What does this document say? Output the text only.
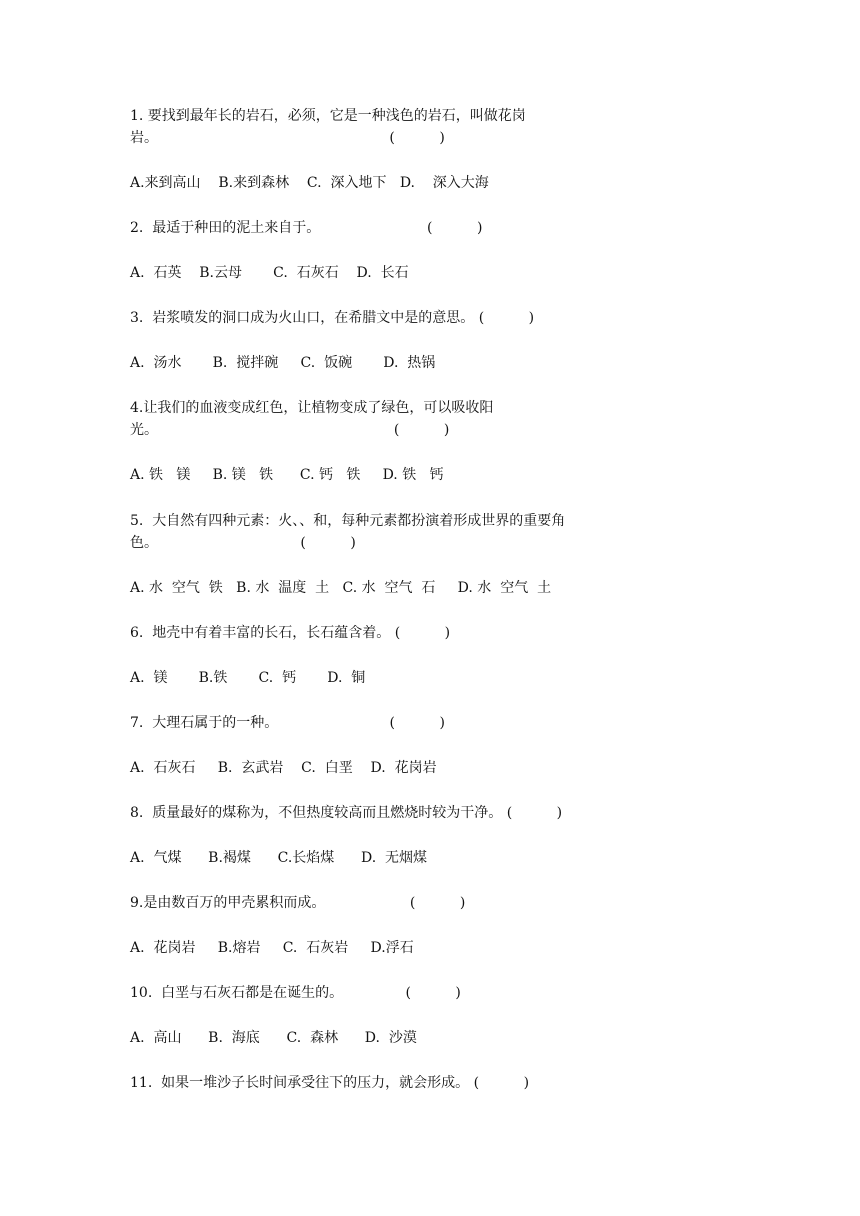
1. 要找到最年长的岩石，必须，它是一种浅色的岩石，叫做花岗
岩。                                                    (          )
A.来到高山    B.来到森林    C.  深入地下   D.    深入大海
2.  最适于种田的泥土来自于。                        (          )
A.  石英    B.云母       C.  石灰石    D.  长石
3.  岩浆喷发的洞口成为火山口，在希腊文中是的意思。 (          )
A.  汤水       B.  搅拌碗     C.  饭碗       D.  热锅
4.让我们的血液变成红色，让植物变成了绿色，可以吸收阳
光。                                                     (          )
A. 铁   镁     B. 镁   铁      C. 钙   铁     D. 铁   钙
5.  大自然有四种元素：火、、和，每种元素都扮演着形成世界的重要角
色。                                (          )
A. 水  空气  铁   B. 水  温度  土   C. 水  空气  石     D. 水  空气  土
6.  地壳中有着丰富的长石，长石蕴含着。 (          )
A.  镁       B.铁       C.  钙       D.  铜
7.  大理石属于的一种。                         (          )
A.  石灰石     B.  玄武岩    C.  白垩    D.  花岗岩
8.  质量最好的煤称为，不但热度较高而且燃烧时较为干净。 (          )
A.  气煤      B.褐煤      C.长焰煤      D.  无烟煤
9.是由数百万的甲壳累积而成。                   (          )
A.  花岗岩     B.熔岩     C.  石灰岩     D.浮石
10.  白垩与石灰石都是在诞生的。              (          )
A.  高山      B.  海底      C.  森林      D.  沙漠
11.  如果一堆沙子长时间承受往下的压力，就会形成。 (          )
